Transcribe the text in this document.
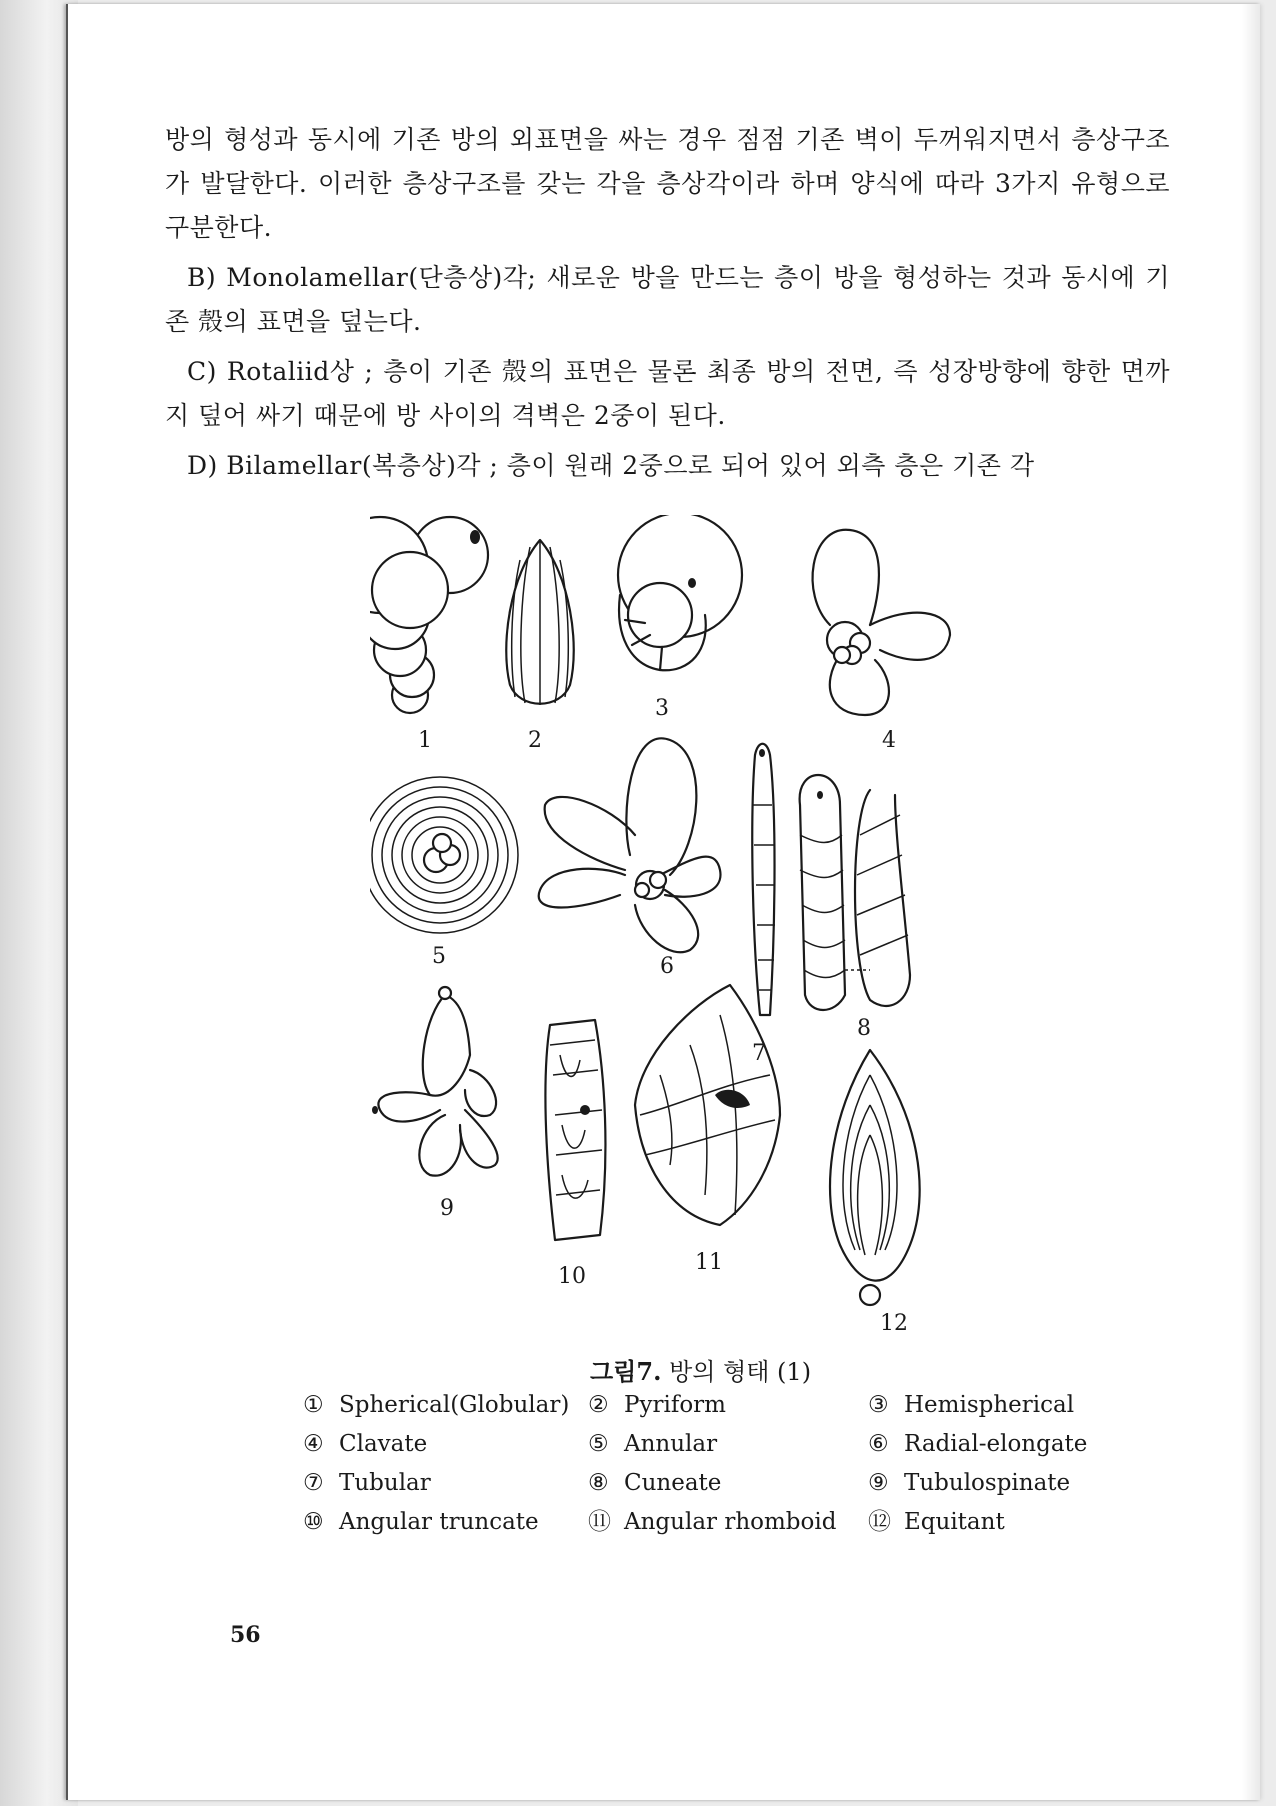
방의 형성과 동시에 기존 방의 외표면을 싸는 경우 점점 기존 벽이 두꺼워지면서 층상구조가 발달한다. 이러한 층상구조를 갖는 각을 층상각이라 하며 양식에 따라 3가지 유형으로 구분한다.

B) Monolamellar(단층상)각; 새로운 방을 만드는 층이 방을 형성하는 것과 동시에 기존 殼의 표면을 덮는다.

C) Rotaliid상 ; 층이 기존 殼의 표면은 물론 최종 방의 전면, 즉 성장방향에 향한 면까지 덮어 싸기 때문에 방 사이의 격벽은 2중이 된다.

D) Bilamellar(복층상)각 ; 층이 원래 2중으로 되어 있어 외측 층은 기존 각

1	2
3
4
5	6
7
8
9
10
11
12
그림7. 방의 형태 (1)
① Spherical(Globular) ② Pyriform	③ Hemispherical
④ Clavate	⑤ Annular	⑥ Radial-elongate
⑦ Tubular	⑧ Cuneate	⑨ Tubulospinate
⑩ Angular truncate	⑪ Angular rhomboid	⑫ Equitant
56
